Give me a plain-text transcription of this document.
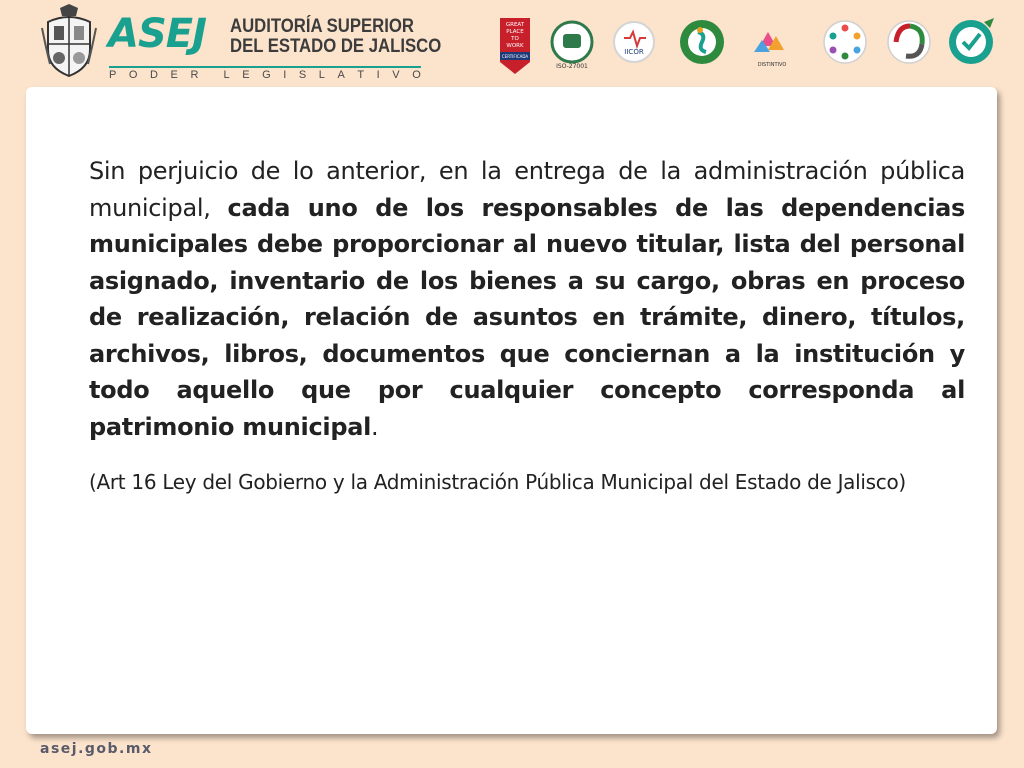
ASEJ AUDITORÍA SUPERIOR
DEL ESTADO DE JALISCO
P O D E R L E G I S L A T I V O
GREAT
PLACE
TO
WORK
CERTIFICADA
ISO-27001
IICOR
DISTINTIVO

Sin perjuicio de lo anterior, en la entrega de la administración pública municipal, cada uno de los responsables de las dependencias municipales debe proporcionar al nuevo titular, lista del personal asignado, inventario de los bienes a su cargo, obras en proceso de realización, relación de asuntos en trámite, dinero, títulos, archivos, libros, documentos que conciernan a la institución y todo aquello que por cualquier concepto corresponda al patrimonio municipal.

(Art 16 Ley del Gobierno y la Administración Pública Municipal del Estado de Jalisco)

asej.gob.mx
